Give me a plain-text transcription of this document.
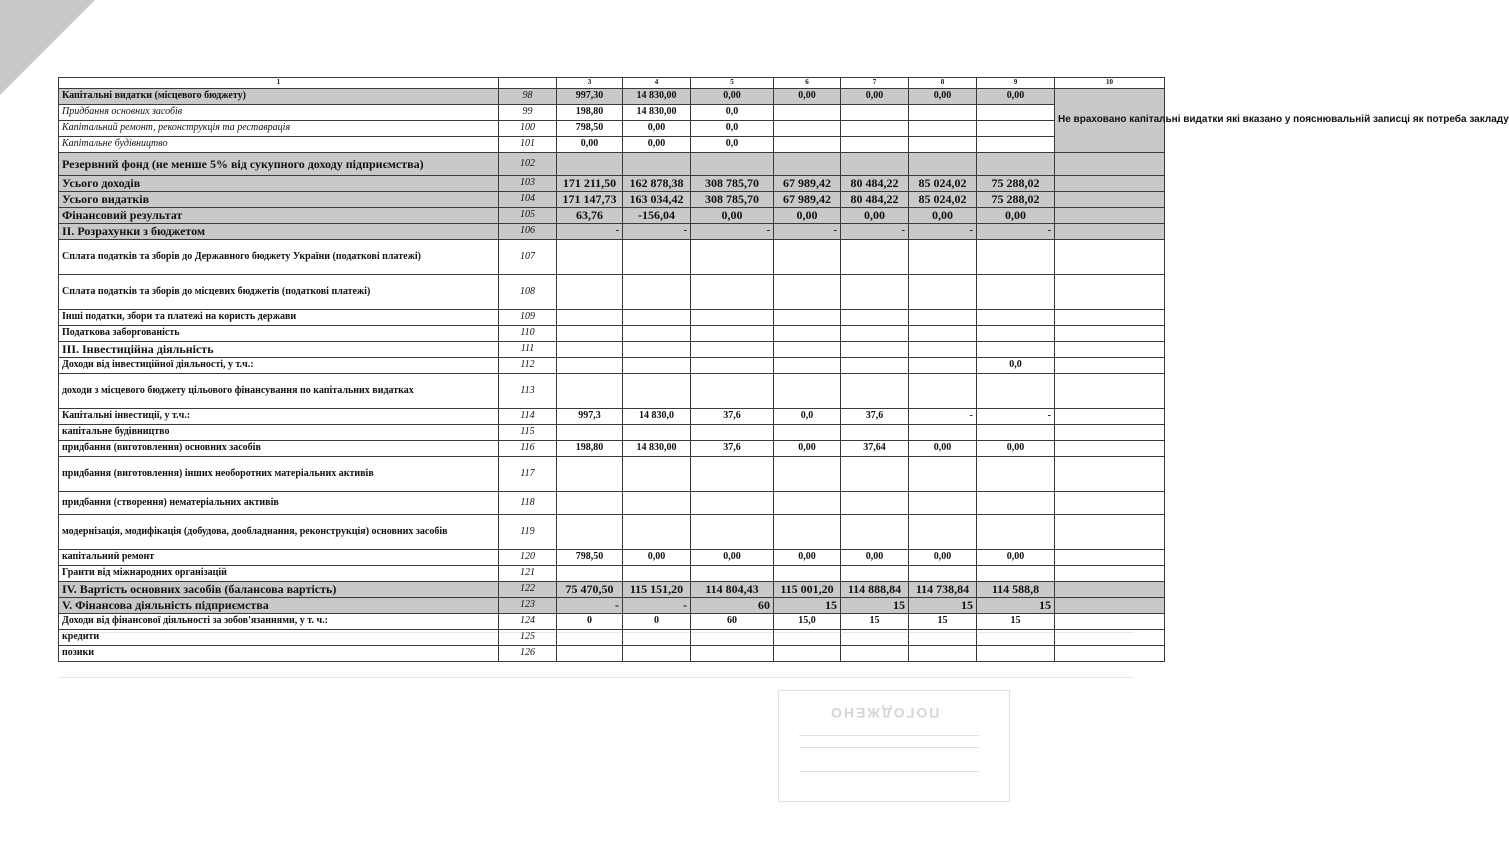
1		3	4	5	6	7	8	9	10
Капітальні видатки (місцевого бюджету)	98	997,30	14 830,00	0,00	0,00	0,00	0,00	0,00	Не враховано капітальні видатки які вказано у пояснювальній записці як потреба закладу
Придбання основних засобів	99	198,80	14 830,00	0,0					
Капітальний ремонт, реконструкція та реставрація	100	798,50	0,00	0,0					
Капітальне будівництво	101	0,00	0,00	0,0					
Резервний фонд (не менше 5% від сукупного доходу підприємства)	102								
Усього доходів	103	171 211,50	162 878,38	308 785,70	67 989,42	80 484,22	85 024,02	75 288,02	
Усього видатків	104	171 147,73	163 034,42	308 785,70	67 989,42	80 484,22	85 024,02	75 288,02	
Фінансовий результат	105	63,76	-156,04	0,00	0,00	0,00	0,00	0,00	
ІІ. Розрахунки з бюджетом	106	-	-	-	-	-	-	-	
Сплата податків та зборів до Державного бюджету України (податкові платежі)	107								
Сплата податків та зборів до місцевих бюджетів (податкові платежі)	108								
Інші податки, збори та платежі на користь держави	109								
Податкова заборгованість	110								
ІІІ. Інвестиційна діяльність	111								
Доходи від інвестиційної діяльності, у т.ч.:	112							0,0	
доходи з місцевого бюджету цільового фінансування по капітальних видатках	113								
Капітальні інвестиції, у т.ч.:	114	997,3	14 830,0	37,6	0,0	37,6	-	-	
капітальне будівництво	115								
придбання (виготовлення) основних засобів	116	198,80	14 830,00	37,6	0,00	37,64	0,00	0,00	
придбання (виготовлення) інших необоротних матеріальних активів	117								
придбання (створення) нематеріальних активів	118								
модернізація, модифікація (добудова, дообладнання, реконструкція) основних засобів	119								
капітальний ремонт	120	798,50	0,00	0,00	0,00	0,00	0,00	0,00	
Гранти від міжнародних організацій	121								
IV. Вартість основних засобів (балансова вартість)	122	75 470,50	115 151,20	114 804,43	115 001,20	114 888,84	114 738,84	114 588,8	
V. Фінансова діяльність підприємства	123	-	-	60	15	15	15	15	
Доходи від фінансової діяльності за зобов'язаннями, у т. ч.:	124	0	0	60	15,0	15	15	15	
кредити	125								
позики	126								
ПОГОДЖЕНО
